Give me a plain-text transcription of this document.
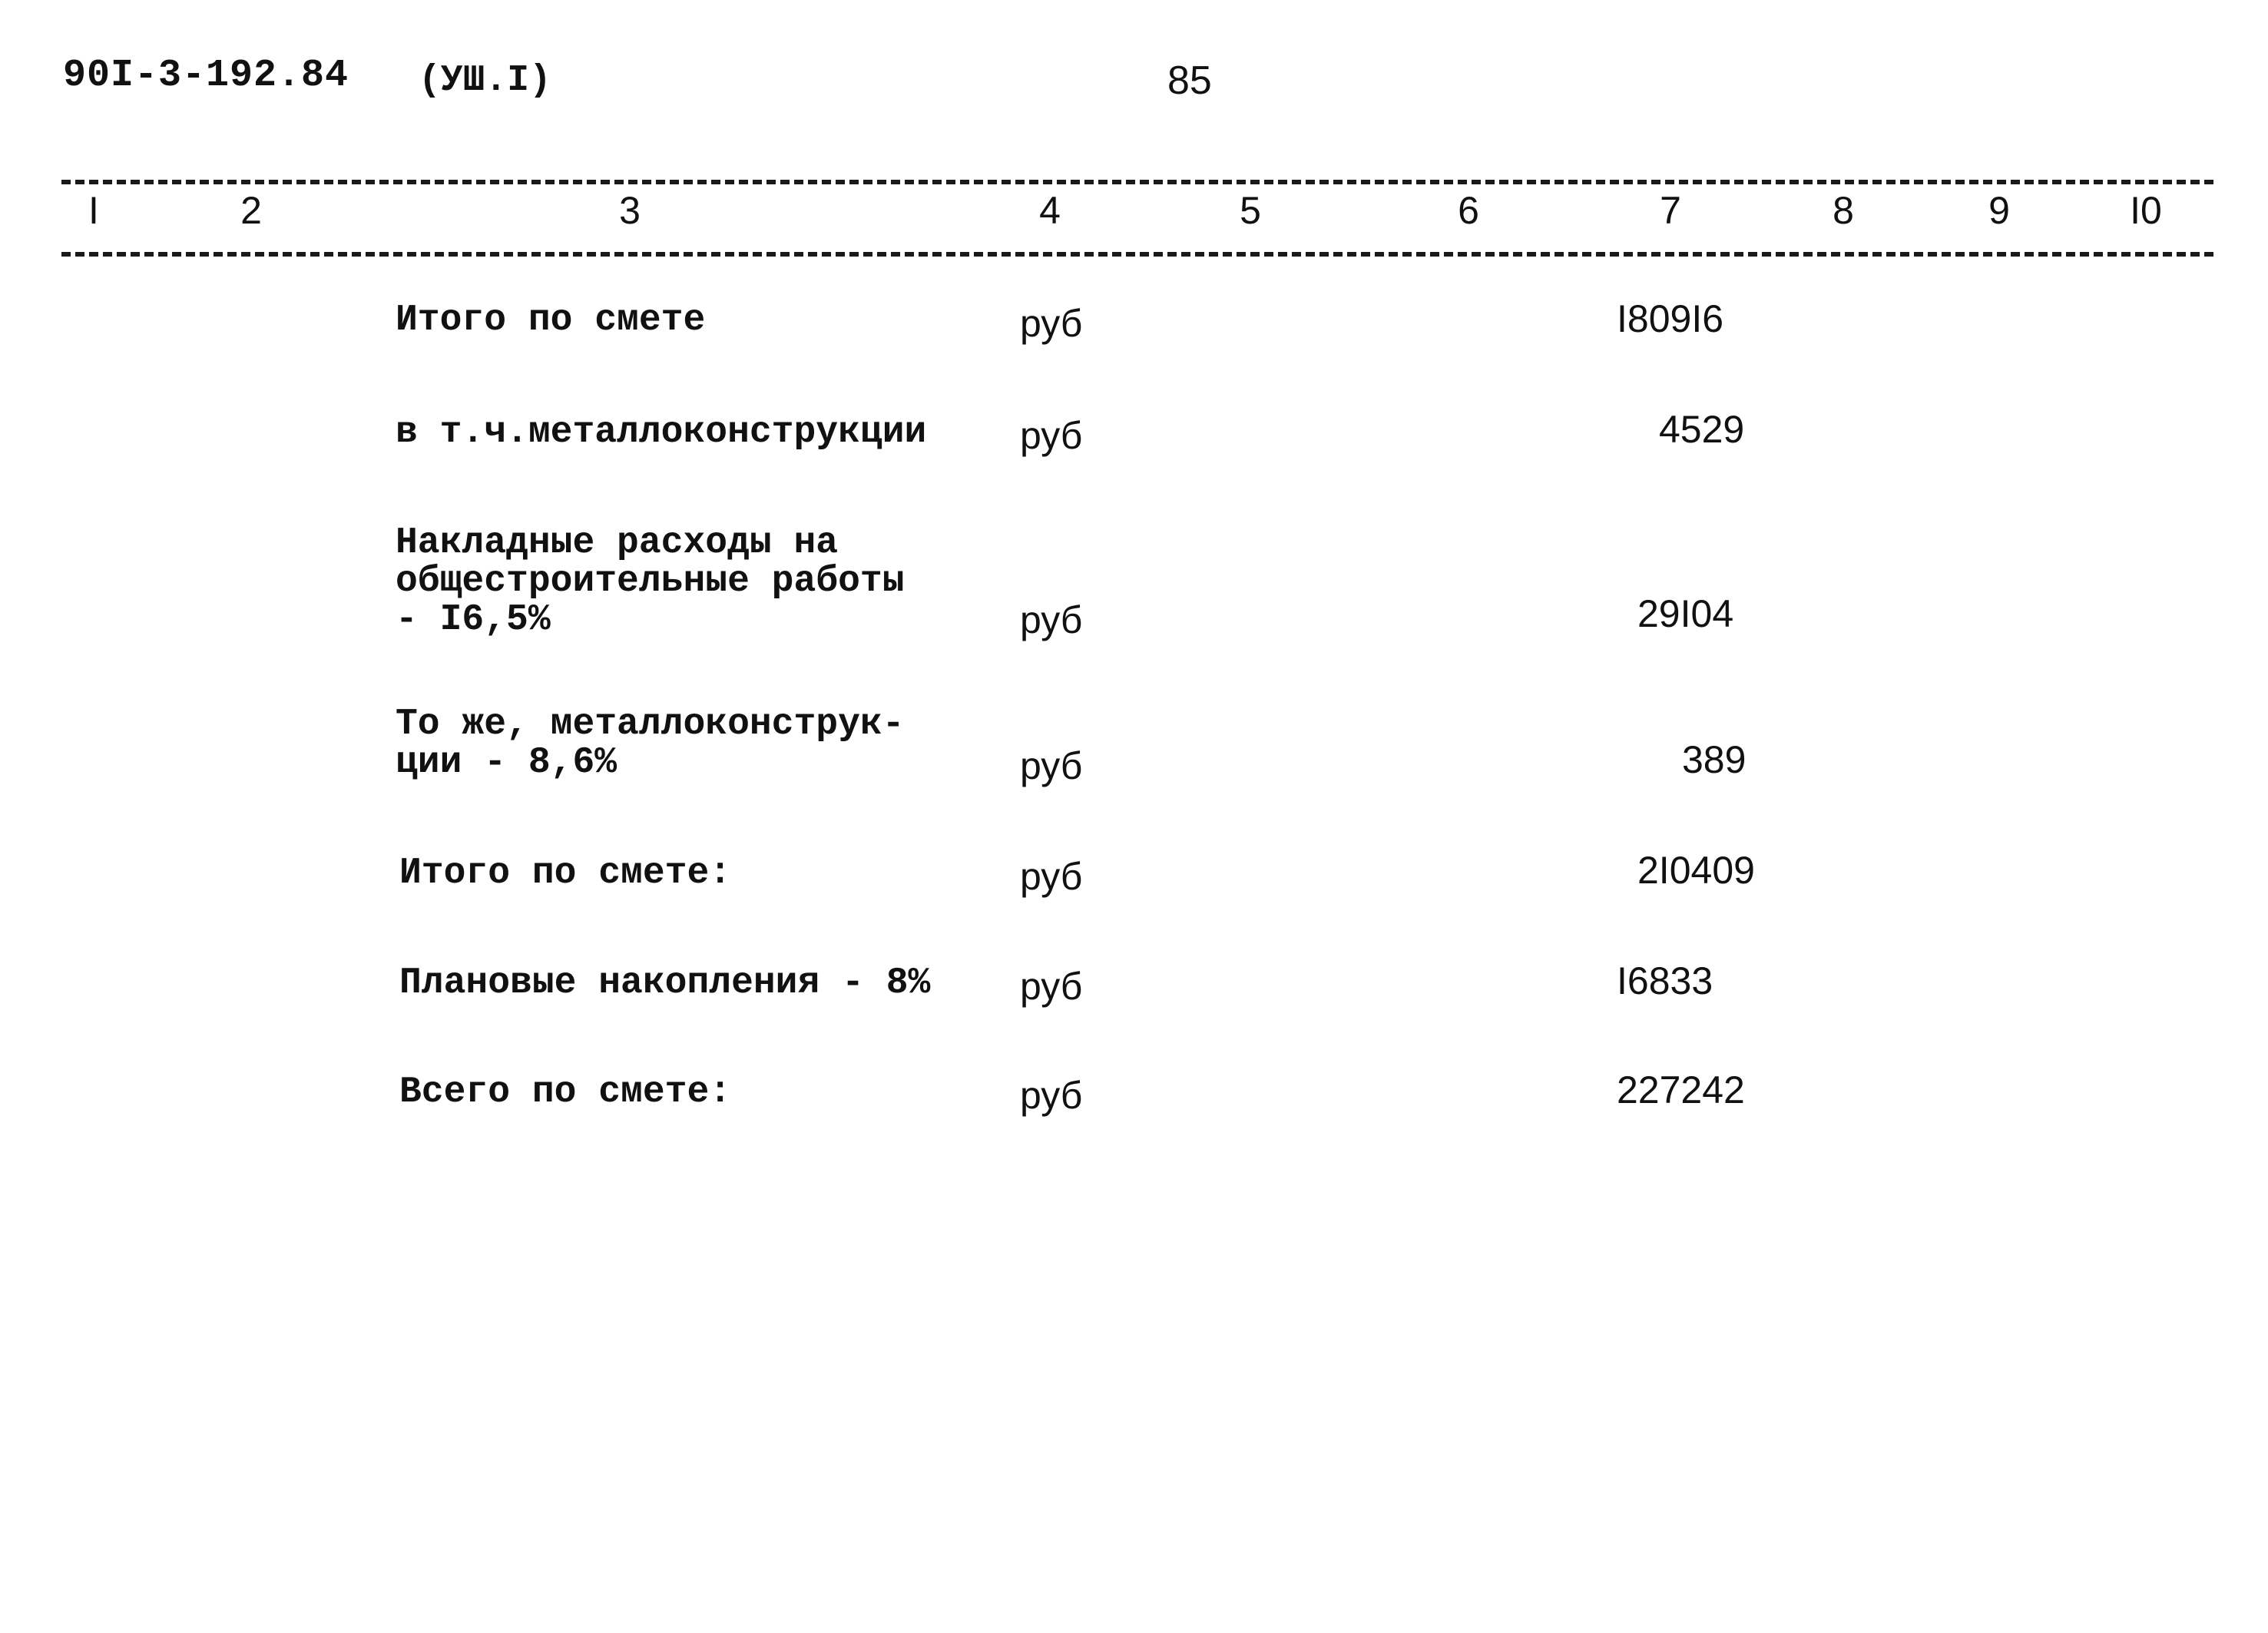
90I-3-192.84 (УШ.I)	85
I	2	3	4	5	6	7	8	9	I0
Итого по смете	руб	I809I6
в т.ч.металлоконструкции руб	4529
Накладные расходы на
общестроительные работы
- I6,5%	руб	29I04
То же, металлоконструк-
ции - 8,6%	руб	389
Итого по смете:	руб	2I0409
Плановые накопления - 8% руб	I6833
Всего по смете:	руб	227242
